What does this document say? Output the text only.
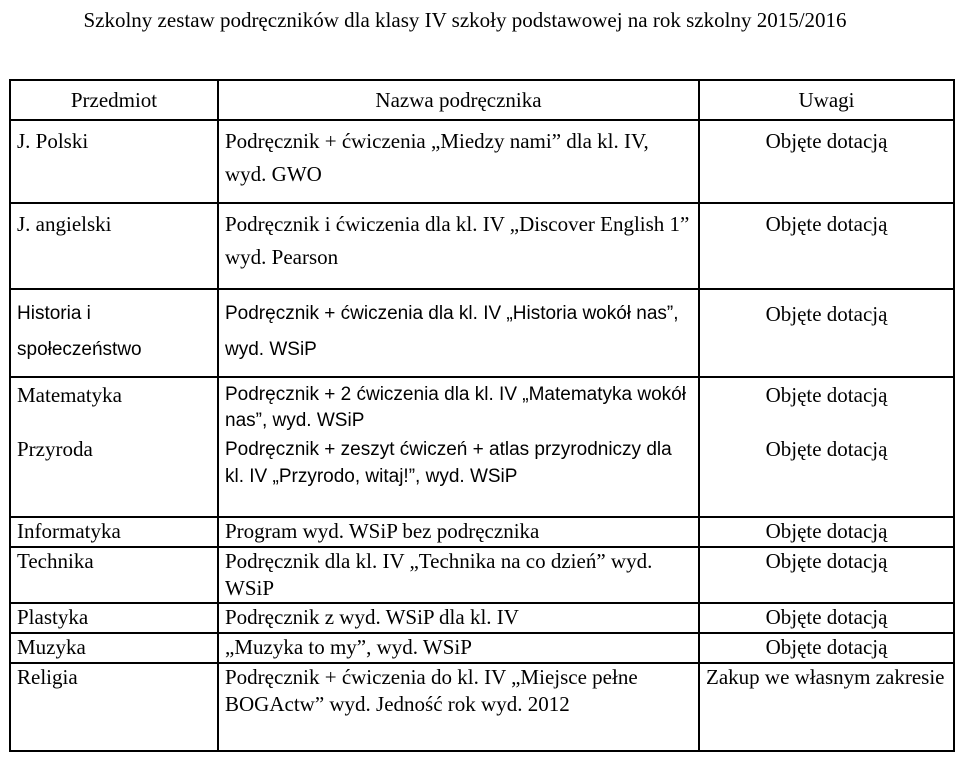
Szkolny zestaw podręczników dla klasy IV szkoły podstawowej na rok szkolny 2015/2016
Przedmiot	Nazwa podręcznika	Uwagi
J. Polski	Podręcznik + ćwiczenia „Miedzy nami” dla kl. IV, wyd. GWO	Objęte dotacją
J. angielski	Podręcznik i ćwiczenia dla kl. IV „Discover English 1” wyd. Pearson	Objęte dotacją
Historia i społeczeństwo	Podręcznik + ćwiczenia dla kl. IV „Historia wokół nas”, wyd. WSiP	Objęte dotacją
Matematyka	Podręcznik + 2 ćwiczenia dla kl. IV „Matematyka wokół nas”, wyd. WSiP	Objęte dotacją
Przyroda	Podręcznik + zeszyt ćwiczeń + atlas przyrodniczy dla kl. IV „Przyrodo, witaj!”, wyd. WSiP	Objęte dotacją
Informatyka	Program wyd. WSiP bez podręcznika	Objęte dotacją
Technika	Podręcznik dla kl. IV „Technika na co dzień” wyd. WSiP	Objęte dotacją
Plastyka	Podręcznik z wyd. WSiP dla kl. IV	Objęte dotacją
Muzyka	„Muzyka to my”, wyd. WSiP	Objęte dotacją
Religia	Podręcznik + ćwiczenia do kl. IV „Miejsce pełne BOGActw” wyd. Jedność rok wyd. 2012	Zakup we własnym zakresie
